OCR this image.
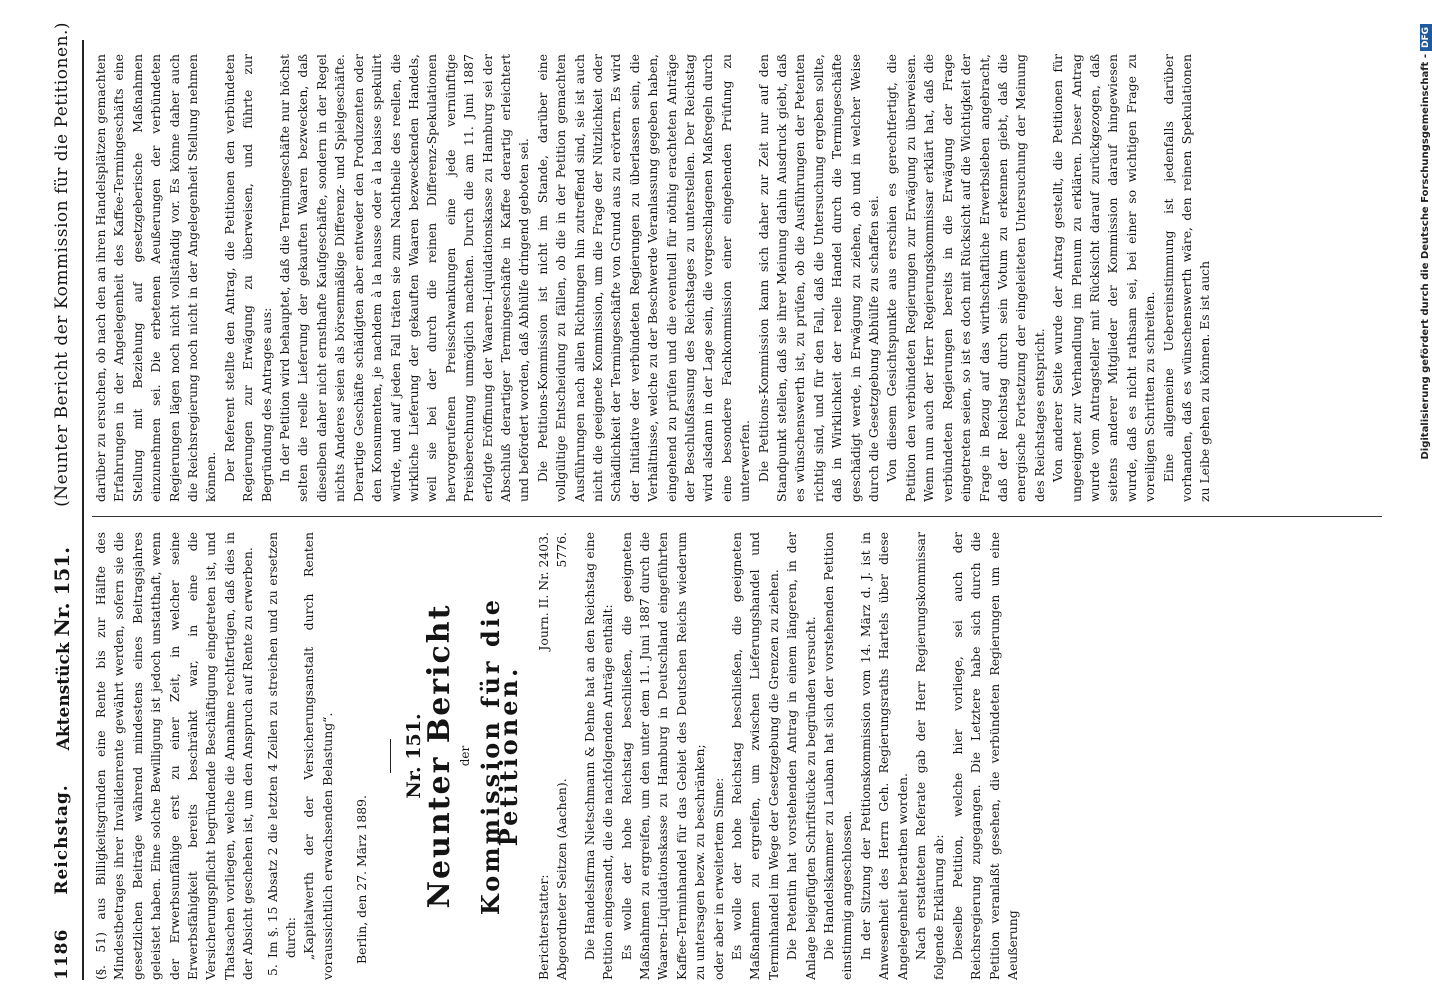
1186
Reichstag.
Aktenstück Nr. 151.
(Neunter Bericht der Kommission für die Petitionen.)

(§. 51) aus Billigkeitsgründen eine Rente bis zur Hälfte des Mindestbetrages ihrer Invalidenrente gewährt werden, sofern sie die gesetzlichen Beiträge während mindestens eines Beitragsjahres geleistet haben. Eine solche Bewilligung ist jedoch unstatthaft, wenn der Erwerbsunfähige erst zu einer Zeit, in welcher seine Erwerbsfähigkeit bereits beschränkt war, in eine die Versicherungspflicht begründende Beschäftigung eingetreten ist, und Thatsachen vorliegen, welche die Annahme rechtfertigen, daß dies in der Absicht geschehen ist, um den Anspruch auf Rente zu erwerben. 5.Im §. 15 Absatz 2 die letzten 4 Zeilen zu streichen und zu ersetzen durch: „Kapitalwerth der der Versicherungsanstalt durch Renten voraussichtlich erwachsenden Belastung“. Berlin, den 27. März 1889.

Nr. 151.
Neunter Bericht der Kommission für die Petitionen.
Berichterstatter: Abgeordneter Seitzen (Aachen).
Journ. II. Nr. 2403. 5776. Die Handelsfirma Nietschmann & Dehne hat an den Reichstag eine Petition eingesandt, die die nachfolgenden Anträge enthält: Es wolle der hohe Reichstag beschließen, die geeigneten Maßnahmen zu ergreifen, um den unter dem 11. Juni 1887 durch die Waaren-Liquidationskasse zu Hamburg in Deutschland eingeführten Kaffee-Terminhandel für das Gebiet des Deutschen Reichs wiederum zu untersagen bezw. zu beschränken; oder aber in erweitertem Sinne: Es wolle der hohe Reichstag beschließen, die geeigneten Maßnahmen zu ergreifen, um zwischen Lieferungshandel und Terminhandel im Wege der Gesetzgebung die Grenzen zu ziehen. Die Petentin hat vorstehenden Antrag in einem längeren, in der Anlage beigefügten Schriftstücke zu begründen versucht. Die Handelskammer zu Lauban hat sich der vorstehenden Petition einstimmig angeschlossen. In der Sitzung der Petitionskommission vom 14. März d. J. ist in Anwesenheit des Herrn Geh. Regierungsraths Hartels über diese Angelegenheit berathen worden. Nach erstattetem Referate gab der Herr Regierungskommissar folgende Erklärung ab: Dieselbe Petition, welche hier vorliege, sei auch der Reichsregierung zugegangen. Die Letztere habe sich durch die Petition veranlaßt gesehen, die verbündeten Regierungen um eine Aeußerung

darüber zu ersuchen, ob nach den an ihren Handelsplätzen gemachten Erfahrungen in der Angelegenheit des Kaffee-Termingeschäfts eine Stellung mit Beziehung auf gesetzgeberische Maßnahmen einzunehmen sei. Die erbetenen Aeußerungen der verbündeten Regierungen lägen noch nicht vollständig vor. Es könne daher auch die Reichsregierung noch nicht in der Angelegenheit Stellung nehmen können. Der Referent stellte den Antrag, die Petitionen den verbündeten Regierungen zur Erwägung zu überweisen, und führte zur Begründung des Antrages aus: In der Petition wird behauptet, daß die Termingeschäfte nur höchst selten die reelle Lieferung der gekauften Waaren bezwecken, daß dieselben daher nicht ernsthafte Kaufgeschäfte, sondern in der Regel nichts Anderes seien als börsenmäßige Differenz- und Spielgeschäfte. Derartige Geschäfte schädigten aber entweder den Produzenten oder den Konsumenten, je nachdem à la hausse oder à la baisse spekulirt würde, und auf jeden Fall träten sie zum Nachtheile des reellen, die wirkliche Lieferung der gekauften Waaren bezweckenden Handels, weil sie bei der durch die reinen Differenz-Spekulationen hervorgerufenen Preisschwankungen eine jede vernünftige Preisberechnung unmöglich machten. Durch die am 11. Juni 1887 erfolgte Eröffnung der Waaren-Liquidationskasse zu Hamburg sei der Abschluß derartiger Termingeschäfte in Kaffee derartig erleichtert und befördert worden, daß Abhülfe dringend geboten sei. Die Petitions-Kommission ist nicht im Stande, darüber eine vollgültige Entscheidung zu fällen, ob die in der Petition gemachten Ausführungen nach allen Richtungen hin zutreffend sind, sie ist auch nicht die geeignete Kommission, um die Frage der Nützlichkeit oder Schädlichkeit der Termingeschäfte von Grund aus zu erörtern. Es wird der Initiative der verbündeten Regierungen zu überlassen sein, die Verhältnisse, welche zu der Beschwerde Veranlassung gegeben haben, eingehend zu prüfen und die eventuell für nöthig erachteten Anträge der Beschlußfassung des Reichstages zu unterstellen. Der Reichstag wird alsdann in der Lage sein, die vorgeschlagenen Maßregeln durch eine besondere Fachkommission einer eingehenden Prüfung zu unterwerfen. Die Petitions-Kommission kann sich daher zur Zeit nur auf den Standpunkt stellen, daß sie ihrer Meinung dahin Ausdruck giebt, daß es wünschenswerth ist, zu prüfen, ob die Ausführungen der Petenten richtig sind, und für den Fall, daß die Untersuchung ergeben sollte, daß in Wirklichkeit der reelle Handel durch die Termingeschäfte geschädigt werde, in Erwägung zu ziehen, ob und in welcher Weise durch die Gesetzgebung Abhülfe zu schaffen sei. Von diesem Gesichtspunkte aus erschien es gerechtfertigt, die Petition den verbündeten Regierungen zur Erwägung zu überweisen. Wenn nun auch der Herr Regierungskommissar erklärt hat, daß die verbündeten Regierungen bereits in die Erwägung der Frage eingetreten seien, so ist es doch mit Rücksicht auf die Wichtigkeit der Frage in Bezug auf das wirthschaftliche Erwerbsleben angebracht, daß der Reichstag durch sein Votum zu erkennen giebt, daß die energische Fortsetzung der eingeleiteten Untersuchung der Meinung des Reichstages entspricht. Von anderer Seite wurde der Antrag gestellt, die Petitionen für ungeeignet zur Verhandlung im Plenum zu erklären. Dieser Antrag wurde vom Antragsteller mit Rücksicht darauf zurückgezogen, daß seitens anderer Mitglieder der Kommission darauf hingewiesen wurde, daß es nicht rathsam sei, bei einer so wichtigen Frage zu voreiligen Schritten zu schreiten. Eine allgemeine Uebereinstimmung ist jedenfalls darüber vorhanden, daß es wünschenswerth wäre, den reinen Spekulationen zu Leibe gehen zu können. Es ist auch	Digitalisierung gefördert durch die Deutsche Forschungsgemeinschaft -
DFG
